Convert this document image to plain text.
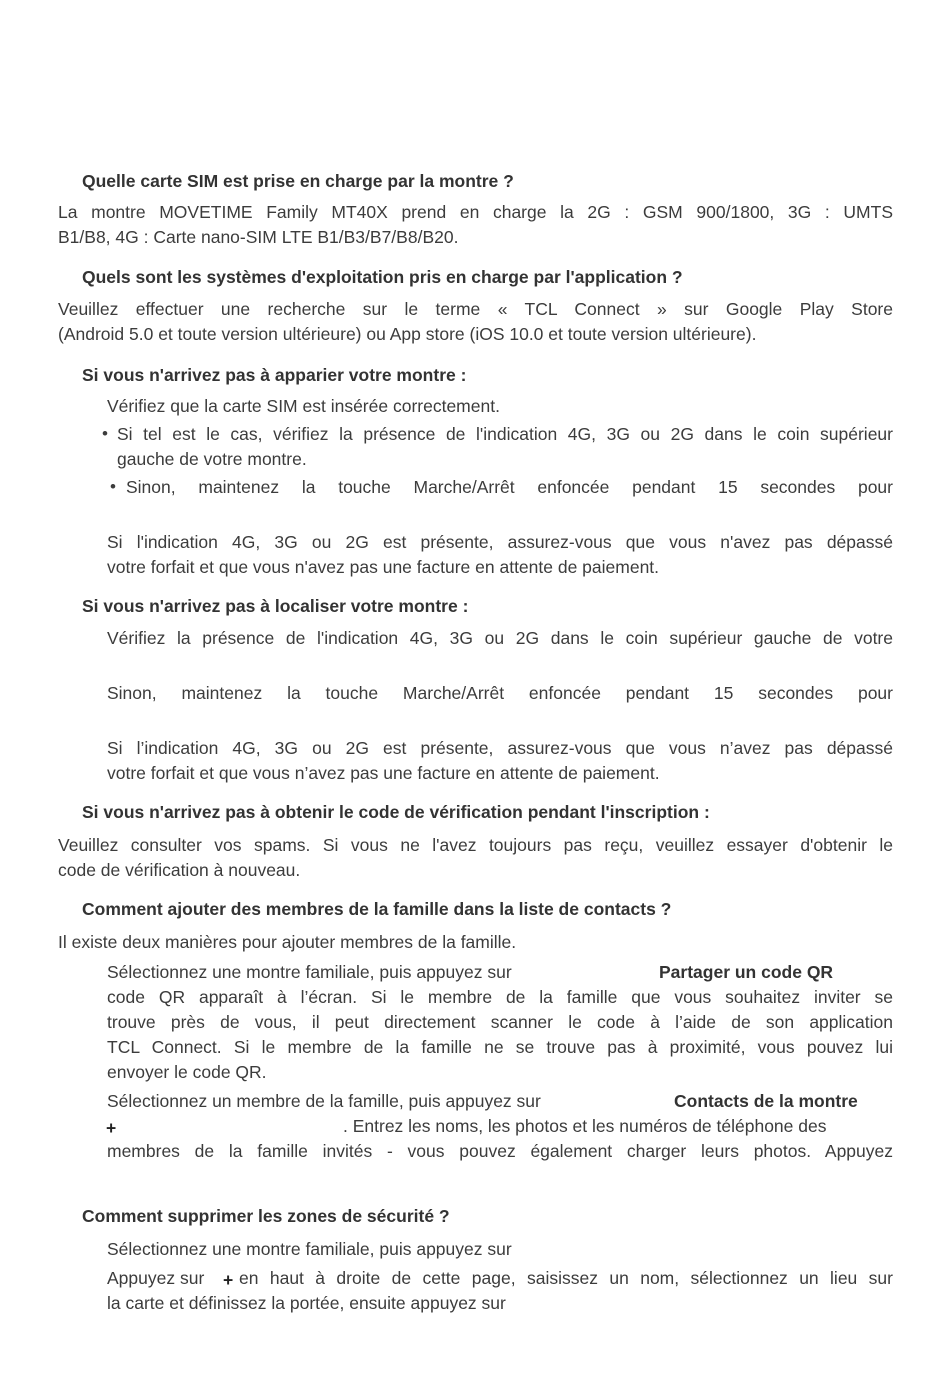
Quelle carte SIM est prise en charge par la montre ?
La montre MOVETIME Family MT40X prend en charge la 2G : GSM 900/1800, 3G : UMTS
B1/B8, 4G : Carte nano-SIM LTE B1/B3/B7/B8/B20.
Quels sont les systèmes d'exploitation pris en charge par l'application ?
Veuillez effectuer une recherche sur le terme « TCL Connect » sur Google Play Store
(Android 5.0 et toute version ultérieure) ou App store (iOS 10.0 et toute version ultérieure).
Si vous n'arrivez pas à apparier votre montre :
Vérifiez que la carte SIM est insérée correctement.
• Si tel est le cas, vérifiez la présence de l'indication 4G, 3G ou 2G dans le coin supérieur
gauche de votre montre.
• Sinon, maintenez la touche Marche/Arrêt enfoncée pendant 15 secondes pour
Si l'indication 4G, 3G ou 2G est présente, assurez-vous que vous n'avez pas dépassé
votre forfait et que vous n'avez pas une facture en attente de paiement.
Si vous n'arrivez pas à localiser votre montre :
Vérifiez la présence de l'indication 4G, 3G ou 2G dans le coin supérieur gauche de votre
Sinon, maintenez la touche Marche/Arrêt enfoncée pendant 15 secondes pour
Si l’indication 4G, 3G ou 2G est présente, assurez-vous que vous n’avez pas dépassé
votre forfait et que vous n’avez pas une facture en attente de paiement.
Si vous n'arrivez pas à obtenir le code de vérification pendant l'inscription :
Veuillez consulter vos spams. Si vous ne l'avez toujours pas reçu, veuillez essayer d'obtenir le
code de vérification à nouveau.
Comment ajouter des membres de la famille dans la liste de contacts ?
Il existe deux manières pour ajouter membres de la famille.
Sélectionnez une montre familiale, puis appuyez sur	Partager un code QR
code QR apparaît à l’écran. Si le membre de la famille que vous souhaitez inviter se
trouve près de vous, il peut directement scanner le code à l’aide de son application
TCL Connect. Si le membre de la famille ne se trouve pas à proximité, vous pouvez lui
envoyer le code QR.
Sélectionnez un membre de la famille, puis appuyez sur	Contacts de la montre
+	. Entrez les noms, les photos et les numéros de téléphone des
membres de la famille invités - vous pouvez également charger leurs photos. Appuyez
Comment supprimer les zones de sécurité ?
Sélectionnez une montre familiale, puis appuyez sur
Appuyez sur + en haut à droite de cette page, saisissez un nom, sélectionnez un lieu sur
la carte et définissez la portée, ensuite appuyez sur
